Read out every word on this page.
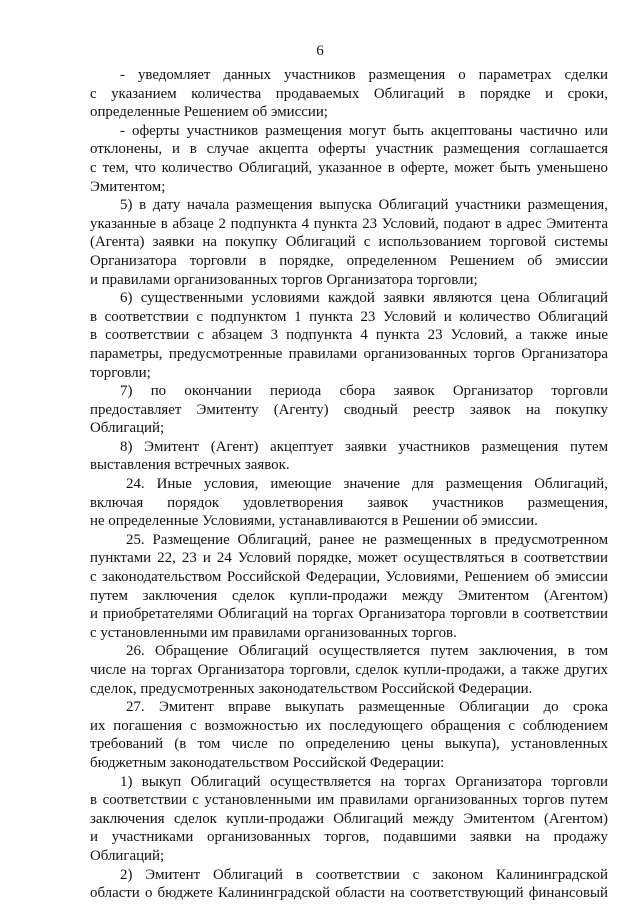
6
- уведомляет данных участников размещения о параметрах сделки
с указанием количества продаваемых Облигаций в порядке и сроки,
определенные Решением об эмиссии;
- оферты участников размещения могут быть акцептованы частично или
отклонены, и в случае акцепта оферты участник размещения соглашается
с тем, что количество Облигаций, указанное в оферте, может быть уменьшено
Эмитентом;
5) в дату начала размещения выпуска Облигаций участники размещения,
указанные в абзаце 2 подпункта 4 пункта 23 Условий, подают в адрес Эмитента
(Агента) заявки на покупку Облигаций с использованием торговой системы
Организатора торговли в порядке, определенном Решением об эмиссии
и правилами организованных торгов Организатора торговли;
6) существенными условиями каждой заявки являются цена Облигаций
в соответствии с подпунктом 1 пункта 23 Условий и количество Облигаций
в соответствии с абзацем 3 подпункта 4 пункта 23 Условий, а также иные
параметры, предусмотренные правилами организованных торгов Организатора
торговли;
7) по окончании периода сбора заявок Организатор торговли
предоставляет Эмитенту (Агенту) сводный реестр заявок на покупку
Облигаций;
8) Эмитент (Агент) акцептует заявки участников размещения путем
выставления встречных заявок.
24. Иные условия, имеющие значение для размещения Облигаций,
включая порядок удовлетворения заявок участников размещения,
не определенные Условиями, устанавливаются в Решении об эмиссии.
25. Размещение Облигаций, ранее не размещенных в предусмотренном
пунктами 22, 23 и 24 Условий порядке, может осуществляться в соответствии
с законодательством Российской Федерации, Условиями, Решением об эмиссии
путем заключения сделок купли-продажи между Эмитентом (Агентом)
и приобретателями Облигаций на торгах Организатора торговли в соответствии
с установленными им правилами организованных торгов.
26. Обращение Облигаций осуществляется путем заключения, в том
числе на торгах Организатора торговли, сделок купли-продажи, а также других
сделок, предусмотренных законодательством Российской Федерации.
27. Эмитент вправе выкупать размещенные Облигации до срока
их погашения с возможностью их последующего обращения с соблюдением
требований (в том числе по определению цены выкупа), установленных
бюджетным законодательством Российской Федерации:
1) выкуп Облигаций осуществляется на торгах Организатора торговли
в соответствии с установленными им правилами организованных торгов путем
заключения сделок купли-продажи Облигаций между Эмитентом (Агентом)
и участниками организованных торгов, подавшими заявки на продажу
Облигаций;
2) Эмитент Облигаций в соответствии с законом Калининградской
области о бюджете Калининградской области на соответствующий финансовый
